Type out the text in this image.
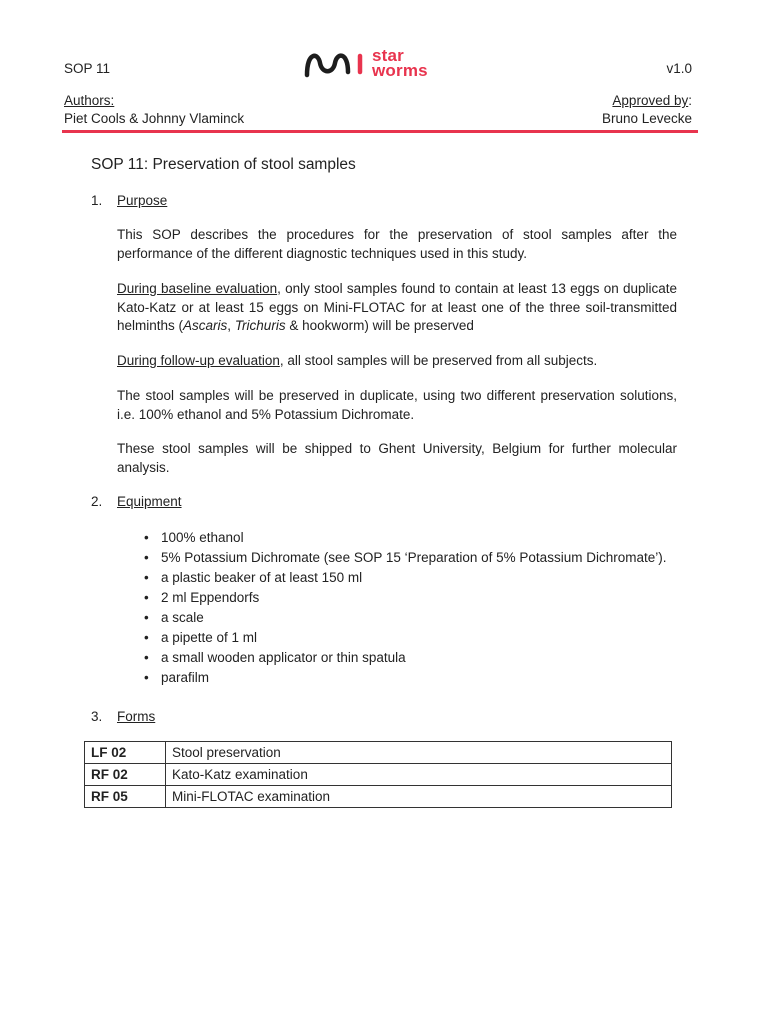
SOP 11
star
worms	v1.0
Authors:
Piet Cools & Johnny Vlaminck
Approved by:
Bruno Levecke
SOP 11: Preservation of stool samples
1. Purpose
This SOP describes the procedures for the preservation of stool samples after the performance of the different diagnostic techniques used in this study.
During baseline evaluation, only stool samples found to contain at least 13 eggs on duplicate Kato-Katz or at least 15 eggs on Mini-FLOTAC for at least one of the three soil-transmitted helminths (Ascaris, Trichuris & hookworm) will be preserved
During follow-up evaluation, all stool samples will be preserved from all subjects.
The stool samples will be preserved in duplicate, using two different preservation solutions, i.e. 100% ethanol and 5% Potassium Dichromate.
These stool samples will be shipped to Ghent University, Belgium for further molecular analysis.
2. Equipment
• 100% ethanol
• 5% Potassium Dichromate (see SOP 15 ‘Preparation of 5% Potassium Dichromate’).
• a plastic beaker of at least 150 ml
• 2 ml Eppendorfs
• a scale
• a pipette of 1 ml
• a small wooden applicator or thin spatula
• parafilm
3. Forms
LF 02	Stool preservation
RF 02	Kato-Katz examination
RF 05	Mini-FLOTAC examination
